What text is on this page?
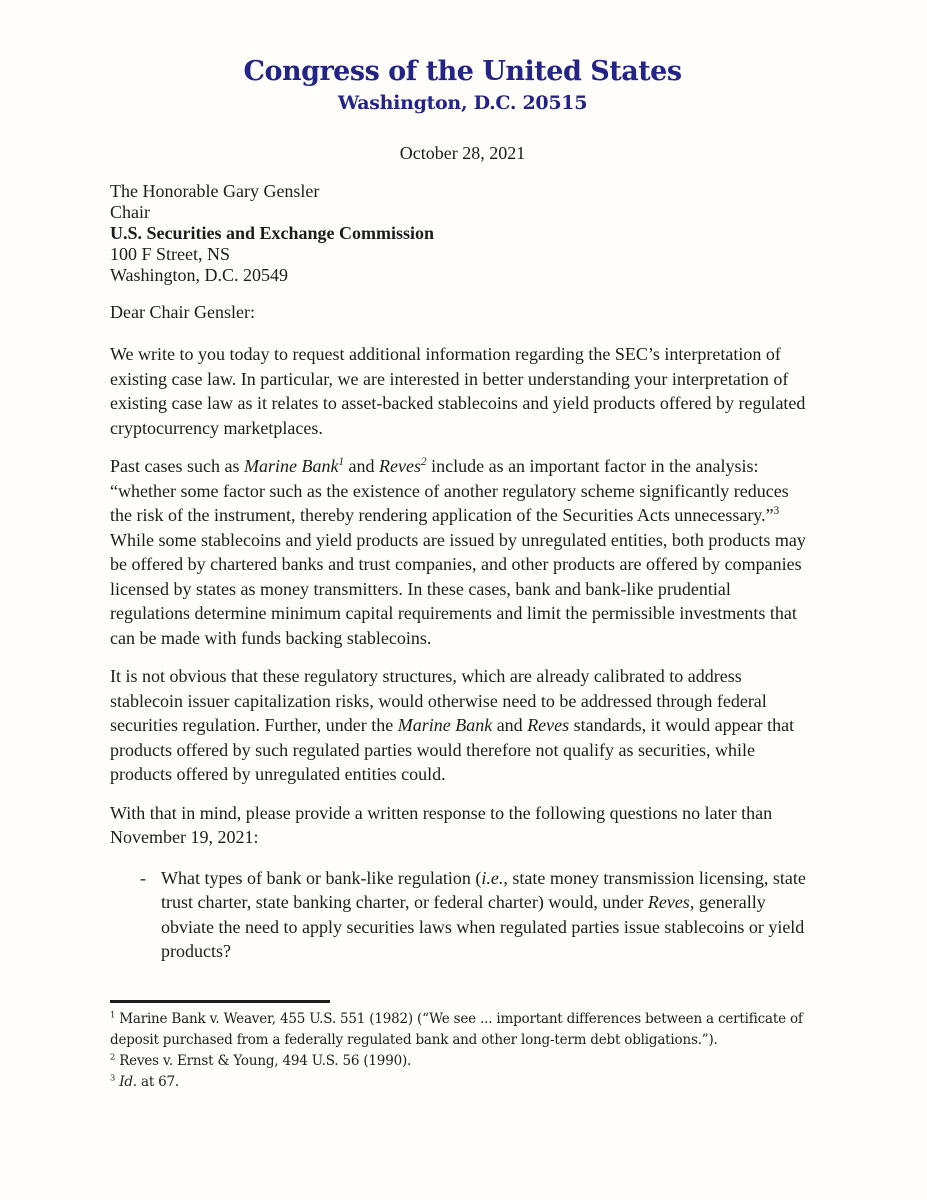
Congress of the United States
Washington, D.C. 20515
October 28, 2021
The Honorable Gary Gensler
Chair
U.S. Securities and Exchange Commission
100 F Street, NS
Washington, D.C. 20549
Dear Chair Gensler:

We write to you today to request additional information regarding the SEC’s interpretation of existing case law. In particular, we are interested in better understanding your interpretation of existing case law as it relates to asset-backed stablecoins and yield products offered by regulated cryptocurrency marketplaces.

Past cases such as Marine Bank$^1$ and Reves$^2$ include as an important factor in the analysis: “whether some factor such as the existence of another regulatory scheme significantly reduces the risk of the instrument, thereby rendering application of the Securities Acts unnecessary.”$^3$ While some stablecoins and yield products are issued by unregulated entities, both products may be offered by chartered banks and trust companies, and other products are offered by companies licensed by states as money transmitters. In these cases, bank and bank-like prudential regulations determine minimum capital requirements and limit the permissible investments that can be made with funds backing stablecoins.

It is not obvious that these regulatory structures, which are already calibrated to address stablecoin issuer capitalization risks, would otherwise need to be addressed through federal securities regulation. Further, under the Marine Bank and Reves standards, it would appear that products offered by such regulated parties would therefore not qualify as securities, while products offered by unregulated entities could.

With that in mind, please provide a written response to the following questions no later than November 19, 2021:

- What types of bank or bank-like regulation (i.e., state money transmission licensing, state trust charter, state banking charter, or federal charter) would, under Reves, generally obviate the need to apply securities laws when regulated parties issue stablecoins or yield products?
$^1$ Marine Bank v. Weaver, 455 U.S. 551 (1982) (“We see ... important differences between a certificate of deposit purchased from a federally regulated bank and other long-term debt obligations.”).
$^2$ Reves v. Ernst & Young, 494 U.S. 56 (1990).
$^3$ Id. at 67.
